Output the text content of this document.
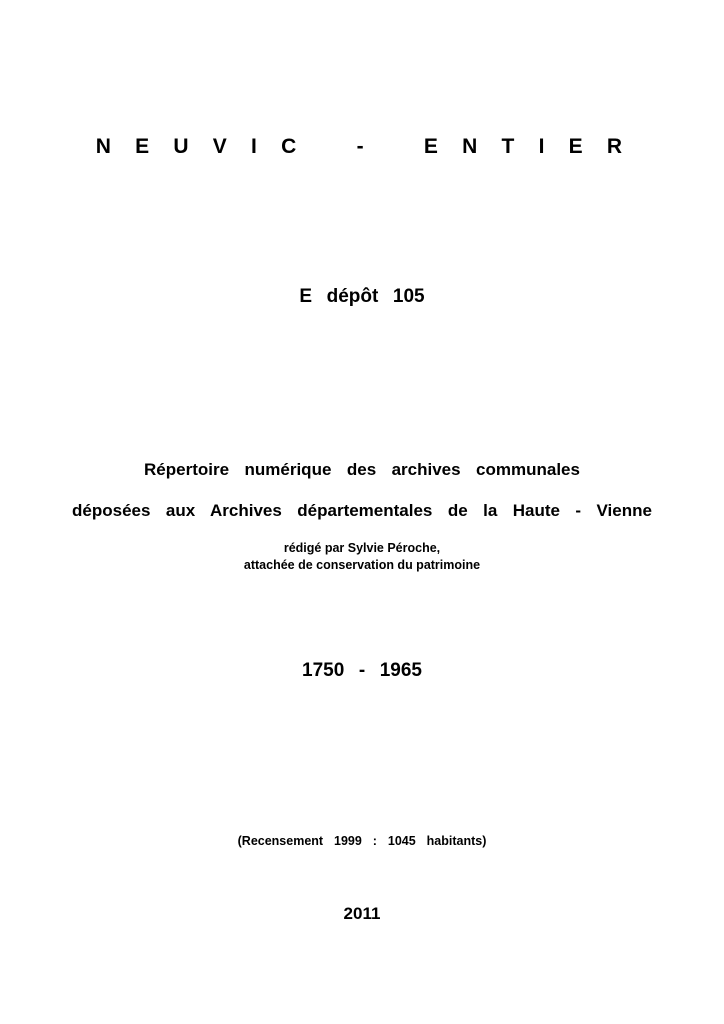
N E U V I C   -   E N T I E R
E  dépôt  105
Répertoire  numérique  des  archives  communales
déposées  aux  Archives  départementales  de  la  Haute  -  Vienne
rédigé par Sylvie Péroche,
attachée de conservation du patrimoine
1750  -  1965
(Recensement  1999  :  1045  habitants)
2011
